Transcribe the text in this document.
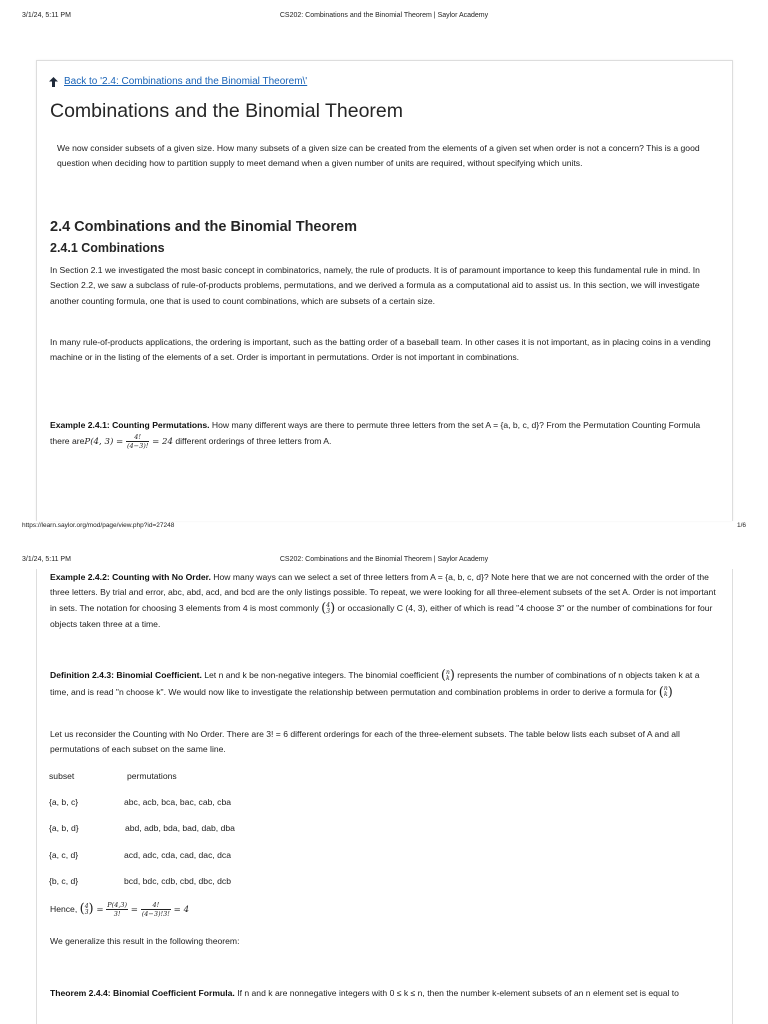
3/1/24, 5:11 PM	CS202: Combinations and the Binomial Theorem | Saylor Academy
Back to '2.4: Combinations and the Binomial Theorem\'
Combinations and the Binomial Theorem

We now consider subsets of a given size. How many subsets of a given size can be created from the elements of a given set when order is not a concern? This is a good question when deciding how to partition supply to meet demand when a given number of units are required, without specifying which units.

2.4 Combinations and the Binomial Theorem
2.4.1 Combinations

In Section 2.1 we investigated the most basic concept in combinatorics, namely, the rule of products. It is of paramount importance to keep this fundamental rule in mind. In Section 2.2, we saw a subclass of rule-of-products problems, permutations, and we derived a formula as a computational aid to assist us. In this section, we will investigate another counting formula, one that is used to count combinations, which are subsets of a certain size.

In many rule-of-products applications, the ordering is important, such as the batting order of a baseball team. In other cases it is not important, as in placing coins in a vending machine or in the listing of the elements of a set. Order is important in permutations. Order is not important in combinations.

Example 2.4.1: Counting Permutations. How many different ways are there to permute three letters from the set A = {a, b, c, d}? From the Permutation Counting Formula there areP(4, $3) = \frac{4!}{(4-3)!} = 24$ different orderings of three letters from A.

https://learn.saylor.org/mod/page/view.php?id=27248	1/6
3/1/24, 5:11 PM	CS202: Combinations and the Binomial Theorem | Saylor Academy

Example 2.4.2: Counting with No Order. How many ways can we select a set of three letters from A = {a, b, c, d}? Note here that we are not concerned with the order of the three letters. By trial and error, abc, abd, acd, and bcd are the only listings possible. To repeat, we were looking for all three-element subsets of the set A. Order is not important in sets. The notation for choosing 3 elements from 4 is most commonly ( 4
3 ) or occasionally C (4, 3), either of which is read "4 choose 3" or the number of combinations for four objects taken three at a time.

Definition 2.4.3: Binomial Coefficient. Let n and k be non-negative integers. The binomial coefficient ( n
k ) represents the number of combinations of n objects taken k at a time, and is read "n choose k". We would now like to investigate the relationship between permutation and combination problems in order to derive a formula for ( n
k )

Let us reconsider the Counting with No Order. There are 3! = 6 different orderings for each of the three-element subsets. The table below lists each subset of A and all permutations of each subset on the same line.

subset	permutations
{a, b, c}	abc, acb, bca, bac, cab, cba
{a, b, d}	abd, adb, bda, bad, dab, dba
{a, c, d}	acd, adc, cda, cad, dac, dca
{b, c, d}	bcd, bdc, cdb, cbd, dbc, dcb
Hence, ( 4
3 ) = $\frac{P(4,3)}{3!} = \frac{4!}{(4-3)!3!} = 4$

We generalize this result in the following theorem:

Theorem 2.4.4: Binomial Coefficient Formula. If n and k are nonnegative integers with 0 ≤ k ≤ n, then the number k-element subsets of an n element set is equal to
